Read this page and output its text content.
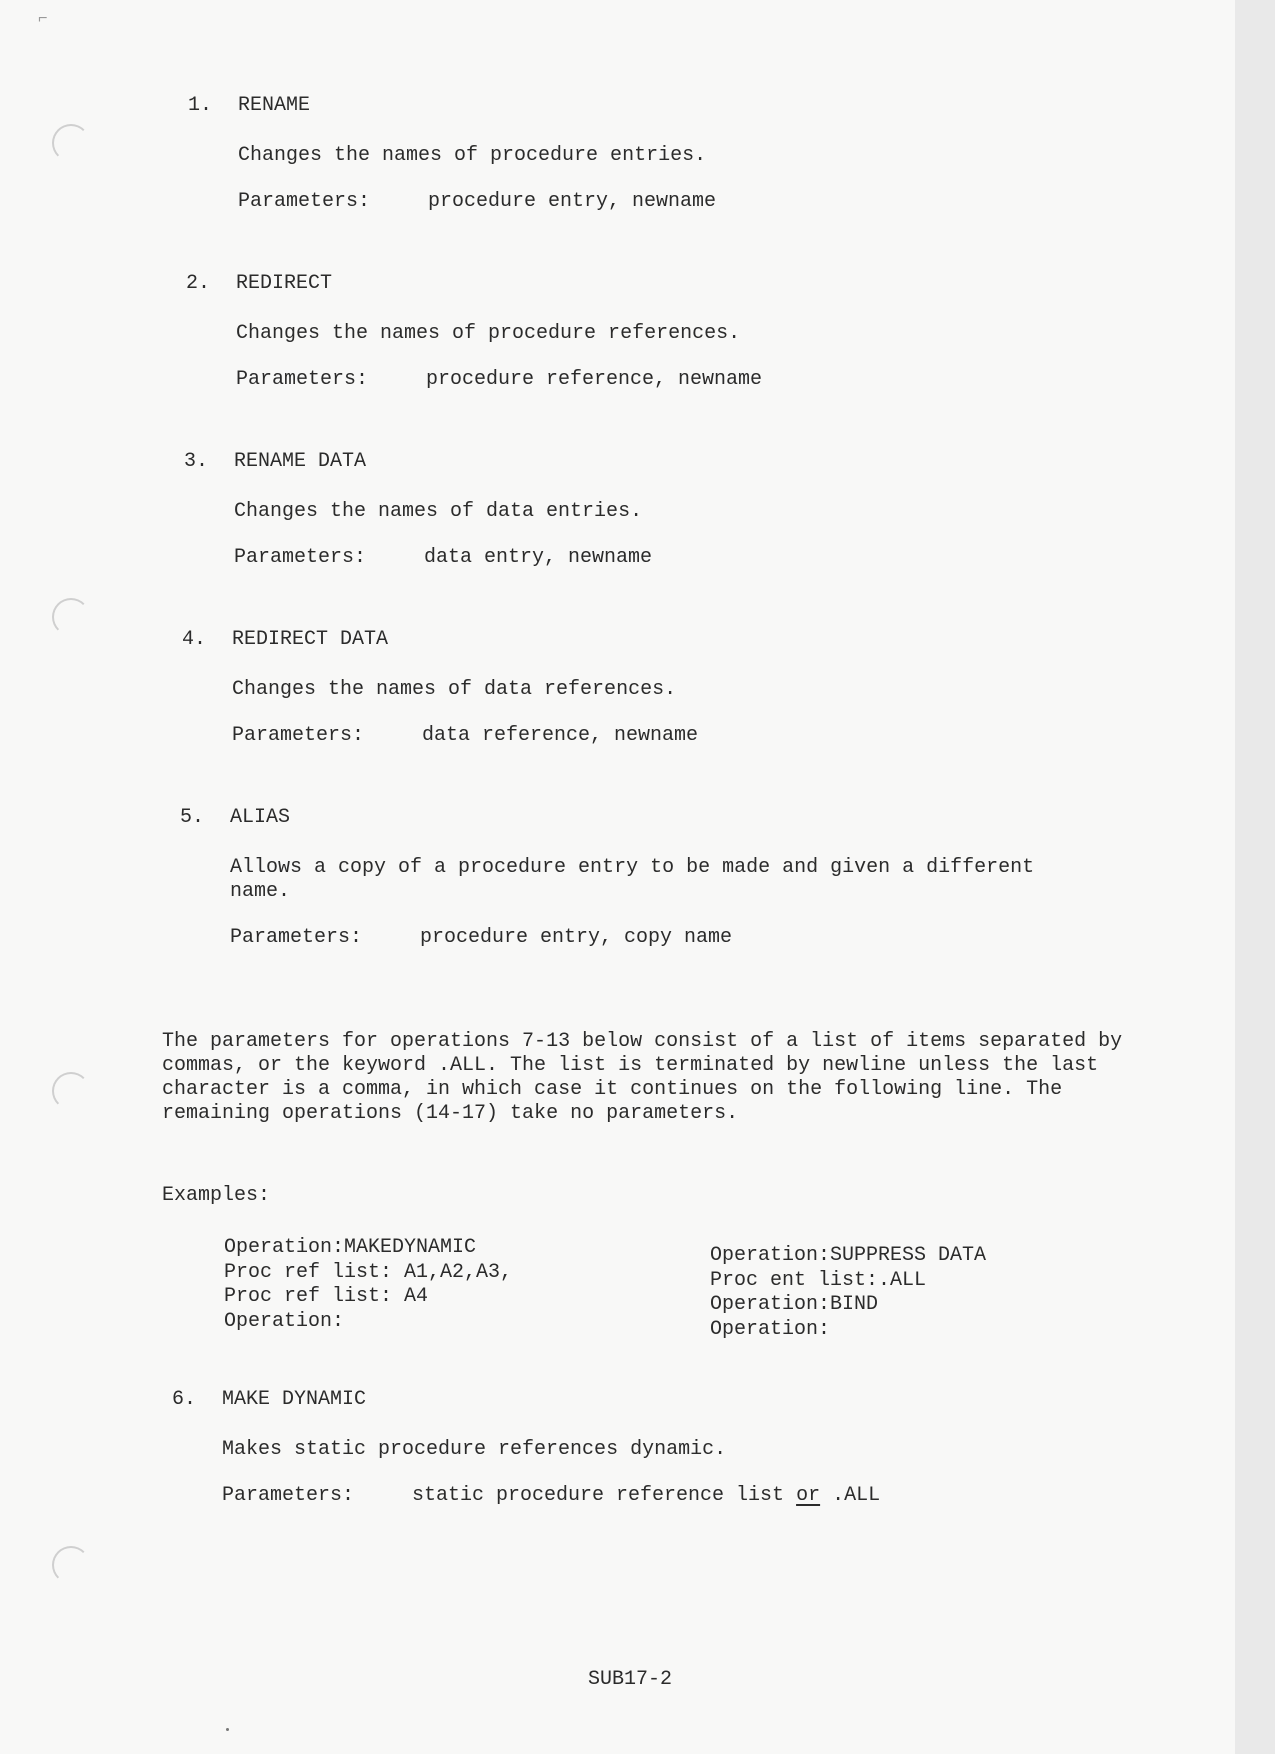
⌐
1.	RENAME
Changes the names of procedure entries.
Parameters:	procedure entry, newname
2.	REDIRECT
Changes the names of procedure references.
Parameters:	procedure reference, newname
3.	RENAME DATA
Changes the names of data entries.
Parameters:	data entry, newname
4.	REDIRECT DATA
Changes the names of data references.
Parameters:	data reference, newname
5.	ALIAS
Allows a copy of a procedure entry to be made and given a different name.
Parameters:	procedure entry, copy name
The parameters for operations 7-13 below consist of a list of items separated by commas, or the keyword .ALL. The list is terminated by newline unless the last character is a comma, in which case it continues on the following line. The remaining operations (14-17) take no parameters.
Examples:
Operation:MAKEDYNAMIC
Proc ref list: A1,A2,A3,
Proc ref list: A4
Operation:
Operation:SUPPRESS DATA
Proc ent list:.ALL
Operation:BIND
Operation:
6.	MAKE DYNAMIC
Makes static procedure references dynamic.
Parameters:	static procedure reference list or .ALL
SUB17-2
